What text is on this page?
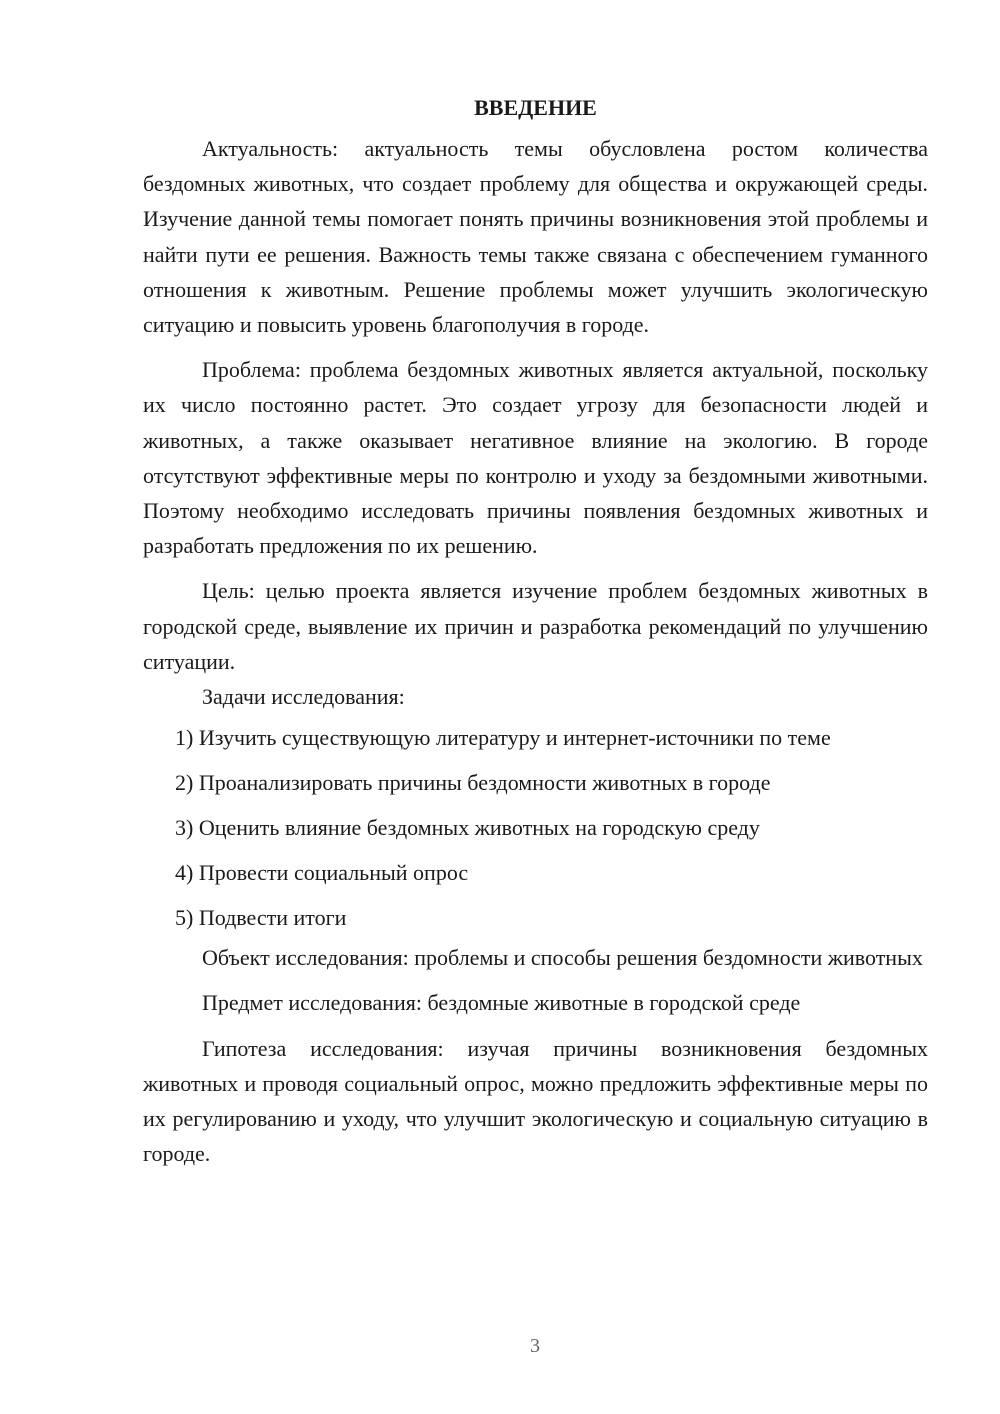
ВВЕДЕНИЕ

Актуальность: актуальность темы обусловлена ростом количества бездомных животных, что создает проблему для общества и окружающей среды. Изучение данной темы помогает понять причины возникновения этой проблемы и найти пути ее решения. Важность темы также связана с обеспечением гуманного отношения к животным. Решение проблемы может улучшить экологическую ситуацию и повысить уровень благополучия в городе.

Проблема: проблема бездомных животных является актуальной, поскольку их число постоянно растет. Это создает угрозу для безопасности людей и животных, а также оказывает негативное влияние на экологию. В городе отсутствуют эффективные меры по контролю и уходу за бездомными животными. Поэтому необходимо исследовать причины появления бездомных животных и разработать предложения по их решению.

Цель: целью проекта является изучение проблем бездомных животных в городской среде, выявление их причин и разработка рекомендаций по улучшению ситуации.

Задачи исследования:

1) Изучить существующую литературу и интернет-источники по теме

2) Проанализировать причины бездомности животных в городе

3) Оценить влияние бездомных животных на городскую среду

4) Провести социальный опрос

5) Подвести итоги

Объект исследования: проблемы и способы решения бездомности животных

Предмет исследования: бездомные животные в городской среде

Гипотеза исследования: изучая причины возникновения бездомных животных и проводя социальный опрос, можно предложить эффективные меры по их регулированию и уходу, что улучшит экологическую и социальную ситуацию в городе.

3
